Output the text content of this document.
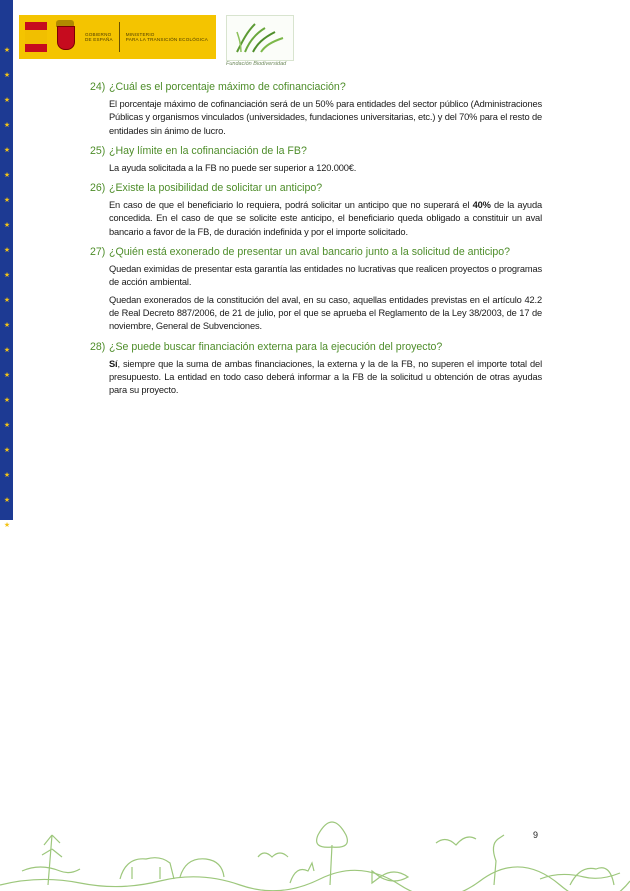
★
★
★
★
★
★
★
★
★
★
★
★
★
★
★
★
★
★
★
★
GOBIERNO
DE ESPAÑA
MINISTERIO
PARA LA TRANSICIÓN ECOLÓGICA
Fundación Biodiversidad
24) ¿Cuál es el porcentaje máximo de cofinanciación?

El porcentaje máximo de cofinanciación será de un 50% para entidades del sector público (Administraciones Públicas y organismos vinculados (universidades, fundaciones universitarias, etc.) y del 70% para el resto de entidades sin ánimo de lucro.

25) ¿Hay límite en la cofinanciación de la FB?

La ayuda solicitada a la FB no puede ser superior a 120.000€.

26) ¿Existe la posibilidad de solicitar un anticipo?

En caso de que el beneficiario lo requiera, podrá solicitar un anticipo que no superará el 40% de la ayuda concedida. En el caso de que se solicite este anticipo, el beneficiario queda obligado a constituir un aval bancario a favor de la FB, de duración indefinida y por el importe solicitado.

27) ¿Quién está exonerado de presentar un aval bancario junto a la solicitud de anticipo?

Quedan eximidas de presentar esta garantía las entidades no lucrativas que realicen proyectos o programas de acción ambiental.

Quedan exonerados de la constitución del aval, en su caso, aquellas entidades previstas en el artículo 42.2 de Real Decreto 887/2006, de 21 de julio, por el que se aprueba el Reglamento de la Ley 38/2003, de 17 de noviembre, General de Subvenciones.

28) ¿Se puede buscar financiación externa para la ejecución del proyecto?

Sí, siempre que la suma de ambas financiaciones, la externa y la de la FB, no superen el importe total del presupuesto. La entidad en todo caso deberá informar a la FB de la solicitud u obtención de otras ayudas para su proyecto.

9
